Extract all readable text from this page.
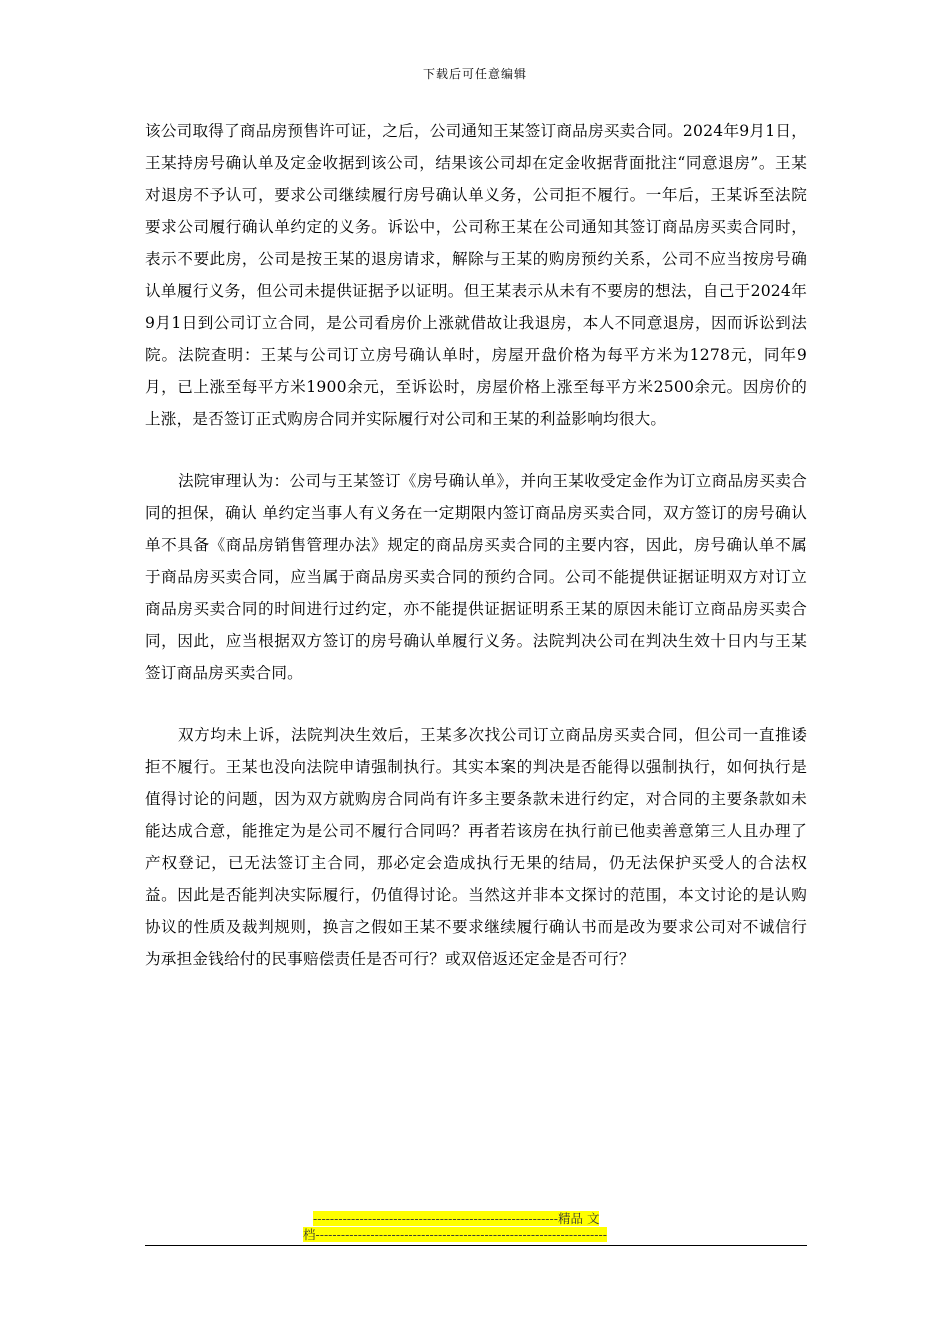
下载后可任意编辑

该公司取得了商品房预售许可证，之后，公司通知王某签订商品房买卖合同。2024年9月1日，王某持房号确认单及定金收据到该公司，结果该公司却在定金收据背面批注“同意退房”。王某对退房不予认可，要求公司继续履行房号确认单义务，公司拒不履行。一年后，王某诉至法院要求公司履行确认单约定的义务。诉讼中，公司称王某在公司通知其签订商品房买卖合同时，表示不要此房，公司是按王某的退房请求，解除与王某的购房预约关系，公司不应当按房号确认单履行义务，但公司未提供证据予以证明。但王某表示从未有不要房的想法，自己于2024年9月1日到公司订立合同，是公司看房价上涨就借故让我退房，本人不同意退房，因而诉讼到法院。法院查明：王某与公司订立房号确认单时，房屋开盘价格为每平方米为1278元，同年9月，已上涨至每平方米1900余元，至诉讼时，房屋价格上涨至每平方米2500余元。因房价的上涨，是否签订正式购房合同并实际履行对公司和王某的利益影响均很大。

法院审理认为：公司与王某签订《房号确认单》，并向王某收受定金作为订立商品房买卖合同的担保，确认 单约定当事人有义务在一定期限内签订商品房买卖合同，双方签订的房号确认单不具备《商品房销售管理办法》规定的商品房买卖合同的主要内容，因此，房号确认单不属于商品房买卖合同，应当属于商品房买卖合同的预约合同。公司不能提供证据证明双方对订立商品房买卖合同的时间进行过约定，亦不能提供证据证明系王某的原因未能订立商品房买卖合同，因此，应当根据双方签订的房号确认单履行义务。法院判决公司在判决生效十日内与王某签订商品房买卖合同。

双方均未上诉，法院判决生效后，王某多次找公司订立商品房买卖合同，但公司一直推诿拒不履行。王某也没向法院申请强制执行。其实本案的判决是否能得以强制执行，如何执行是值得讨论的问题，因为双方就购房合同尚有许多主要条款未进行约定，对合同的主要条款如未能达成合意，能推定为是公司不履行合同吗？再者若该房在执行前已他卖善意第三人且办理了产权登记，已无法签订主合同，那必定会造成执行无果的结局，仍无法保护买受人的合法权益。因此是否能判决实际履行，仍值得讨论。当然这并非本文探讨的范围，本文讨论的是认购协议的性质及裁判规则，换言之假如王某不要求继续履行确认书而是改为要求公司对不诚信行为承担金钱给付的民事赔偿责任是否可行？或双倍返还定金是否可行？

----------------------------------------------------------精品 文
档---------------------------------------------------------------------
